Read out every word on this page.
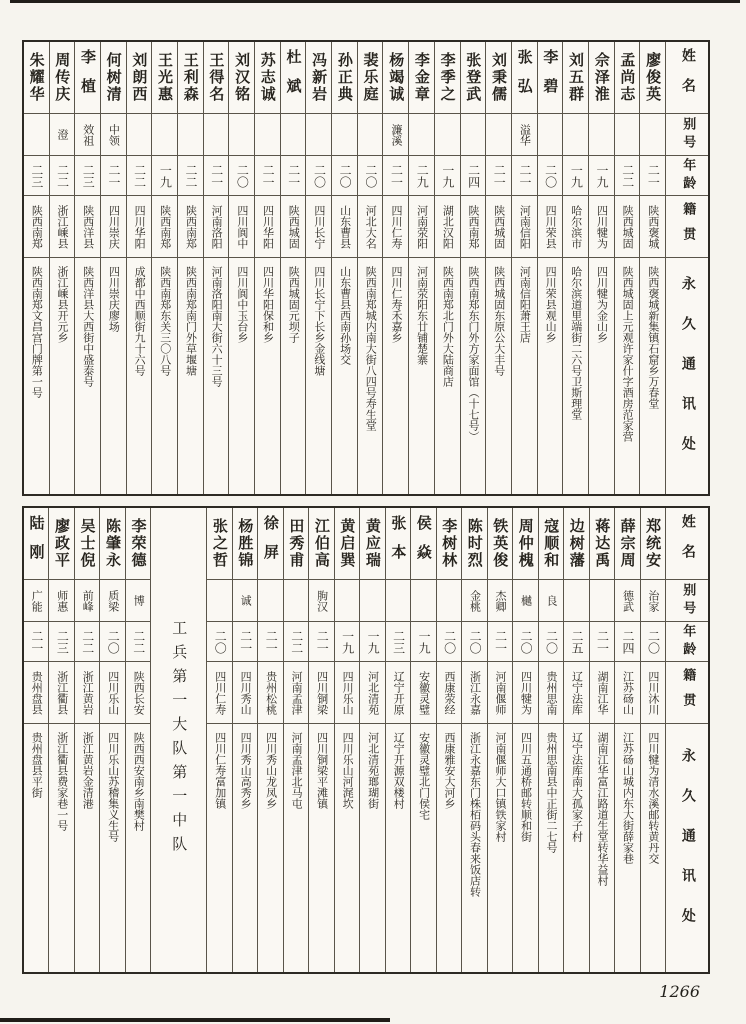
姓名
别号
年龄
籍贯
永久通讯处
廖俊英
二一
陕西褒城
陕西褒城新集镇石窟乡万春堂
孟尚志
二二
陕西城固
陕西城固上元观许家什字酒房范家营
佘泽淮
一九
四川犍为
四川犍为金山乡
刘五群
一九
哈尔滨市
哈尔滨道里端街二六号卫斯理堂
李碧
二〇
四川荣县
四川荣县观山乡
张弘
溢华
二一
河南信阳
河南信阳萧王店
刘秉儒
二一
陕西城固
陕西城固东原公大丰号
张登武
二四
陕西南郑
陕西南郑东门外方家面馆（十七号）
李季之
一九
湖北汉阳
陕西南郑北门外大陆商店
李金章
二九
河南荥阳
河南荥阳东廿铺楚寨
杨竭诚
濂溪
二一
四川仁寿
四川仁寿禾嘉乡
裴乐庭
二〇
河北大名
陕西南郑城内南大街八四号寿生堂
孙正典
二〇
山东曹县
山东曹县西南孙场交
冯新岩
二〇
四川长宁
四川长宁下长乡金线塘
杜斌
二一
陕西城固
陕西城固元坝子
苏志诚
二一
四川华阳
四川华阳保和乡
刘汉铭
二〇
四川阆中
四川阆中玉台乡
王得名
二一
河南洛阳
河南洛阳南大街六十三号
王利森
二二
陕西南郑
陕西南郑南门外草堰塘
王光惠
一九
陕西南郑
陕西南郑东关三〇八号
刘朗西
二二
四川华阳
成都中西顺街九十六号
何树清
中领
二一
四川崇庆
四川崇庆廖场
李植
效祖
二三
陕西洋县
陕西洋县大西街中盛泰号
周传庆
澄
二二
浙江嵊县
浙江嵊县开元乡
朱耀华
二三
陕西南郑
陕西南郑文昌宫门牌第一号
姓名
别号
年龄
籍贯
永久通讯处
郑统安
治家
二〇
四川沐川
四川犍为清水溪邮转黄丹交
薛宗周
德武
二四
江苏砀山
江苏砀山城内东大街薛家巷
蒋达禹
二一
湖南江华
湖南江华富江路道生堂转华益村
边树藩
二五
辽宁法库
辽宁法库南大孤家子村
寇顺和
良
二〇
贵州思南
贵州思南县中正街二七号
周仲槐
樾
二〇
四川犍为
四川五通桥邮转顺和街
铁英俊
杰卿
二一
河南偃师
河南偃师大口镇铁家村
陈时烈
金桃
二〇
浙江永嘉
浙江永嘉东门株栢码头春来饭店转
李树林
二〇
西康荥经
西康雅安大河乡
侯焱
一九
安徽灵璧
安徽灵璧北门侯宅
张本
二三
辽宁开原
辽宁开源双楼村
黄应瑞
一九
河北清苑
河北清苑瑯瑚街
黄启巽
一九
四川乐山
四川乐山河浘坎
江伯高
朐汉
二一
四川铜梁
四川铜梁平滩镇
田秀甫
二二
河南孟津
河南孟津北马屯
徐屏
二一
贵州松桃
四川秀山龙凤乡
杨胜锦
诚
二一
四川秀山
四川秀山高秀乡
张之哲
二〇
四川仁寿
四川仁寿富加镇
工兵第一大队第一中队
李荣德
博
二二
陕西长安
陕西西安南乡南樊村
陈肇永
质梁
二〇
四川乐山
四川乐山苏稽集义生号
吴士倪
前峰
二二
浙江黄岩
浙江黄岩金清港
廖政平
师惠
二三
浙江衢县
浙江衢县费家巷一号
陆刚
广能
二一
贵州盘县
贵州盘县平街
1266
